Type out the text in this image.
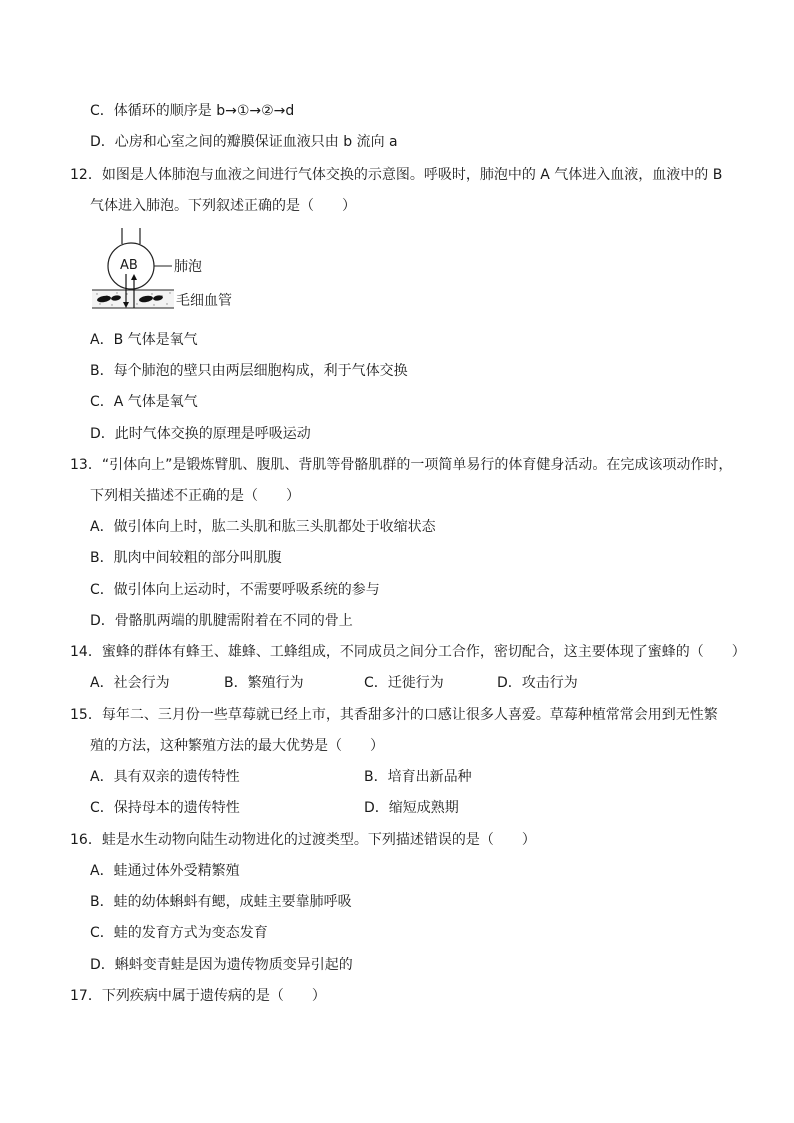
C．体循环的顺序是 b→①→②→d
D．心房和心室之间的瓣膜保证血液只由 b 流向 a
12．如图是人体肺泡与血液之间进行气体交换的示意图。呼吸时，肺泡中的 A 气体进入血液，血液中的 B
气体进入肺泡。下列叙述正确的是（　　）
AB	肺泡
毛细血管
A．B 气体是氧气
B．每个肺泡的壁只由两层细胞构成，利于气体交换
C．A 气体是氧气
D．此时气体交换的原理是呼吸运动
13．“引体向上”是锻炼臂肌、腹肌、背肌等骨骼肌群的一项简单易行的体育健身活动。在完成该项动作时，
下列相关描述不正确的是（　　）
A．做引体向上时，肱二头肌和肱三头肌都处于收缩状态
B．肌肉中间较粗的部分叫肌腹
C．做引体向上运动时，不需要呼吸系统的参与
D．骨骼肌两端的肌腱需附着在不同的骨上
14．蜜蜂的群体有蜂王、雄蜂、工蜂组成，不同成员之间分工合作，密切配合，这主要体现了蜜蜂的（　　）
A．社会行为	B．繁殖行为	C．迁徙行为	D．攻击行为
15．每年二、三月份一些草莓就已经上市，其香甜多汁的口感让很多人喜爱。草莓种植常常会用到无性繁
殖的方法，这种繁殖方法的最大优势是（　　）
A．具有双亲的遗传特性	B．培育出新品种
C．保持母本的遗传特性	D．缩短成熟期
16．蛙是水生动物向陆生动物进化的过渡类型。下列描述错误的是（　　）
A．蛙通过体外受精繁殖
B．蛙的幼体蝌蚪有鳃，成蛙主要靠肺呼吸
C．蛙的发育方式为变态发育
D．蝌蚪变青蛙是因为遗传物质变异引起的
17．下列疾病中属于遗传病的是（　　）
